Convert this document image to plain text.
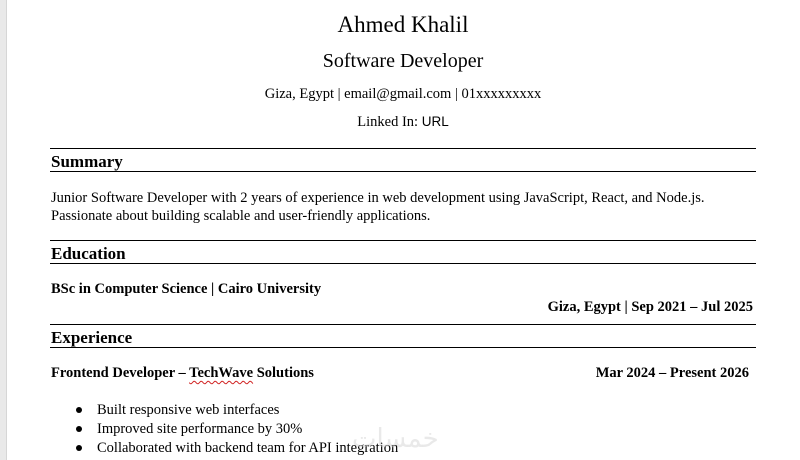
Ahmed Khalil
Software Developer
Giza, Egypt | email@gmail.com | 01xxxxxxxxx
Linked In: URL
Summary
Junior Software Developer with 2 years of experience in web development using JavaScript, React, and Node.js. Passionate about building scalable and user-friendly applications.
Education
BSc in Computer Science | Cairo University
Giza, Egypt | Sep 2021 – Jul 2025
Experience
Frontend Developer – TechWave Solutions	Mar 2024 – Present 2026
Built responsive web interfaces
Improved site performance by 30%
Collaborated with backend team for API integration
خمسات
